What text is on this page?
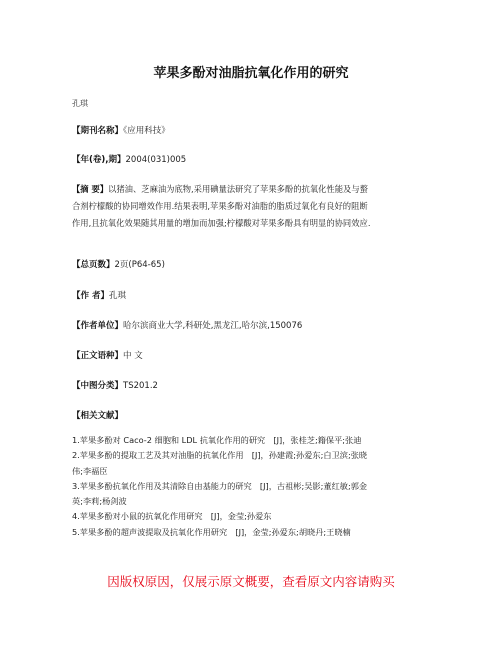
苹果多酚对油脂抗氧化作用的研究
孔琪
【期刊名称】《应用科技》
【年(卷),期】2004(031)005
【摘 要】以猪油、芝麻油为底物,采用碘量法研究了苹果多酚的抗氧化性能及与螯
合剂柠檬酸的协同增效作用.结果表明,苹果多酚对油脂的脂质过氧化有良好的阻断
作用,且抗氧化效果随其用量的增加而加强;柠檬酸对苹果多酚具有明显的协同效应.
【总页数】2页(P64-65)
【作 者】孔琪
【作者单位】哈尔滨商业大学,科研处,黑龙江,哈尔滨,150076
【正文语种】中 文
【中图分类】TS201.2
【相关文献】
1.苹果多酚对 Caco-2 细胞和 LDL 抗氧化作用的研究　[J]，张桂芝;籍保平;张迪
2.苹果多酚的提取工艺及其对油脂的抗氧化作用　[J]，孙建霞;孙爱东;白卫滨;张晓
伟;李福臣
3.苹果多酚抗氧化作用及其清除自由基能力的研究　[J]，古祖彬;吴影;董红敏;郭金
英;李莉;杨剑波
4.苹果多酚对小鼠的抗氧化作用研究　[J]，金莹;孙爱东
5.苹果多酚的超声波提取及抗氧化作用研究　[J]，金莹;孙爱东;胡晓丹;王晓楠
因版权原因，仅展示原文概要，查看原文内容请购买
